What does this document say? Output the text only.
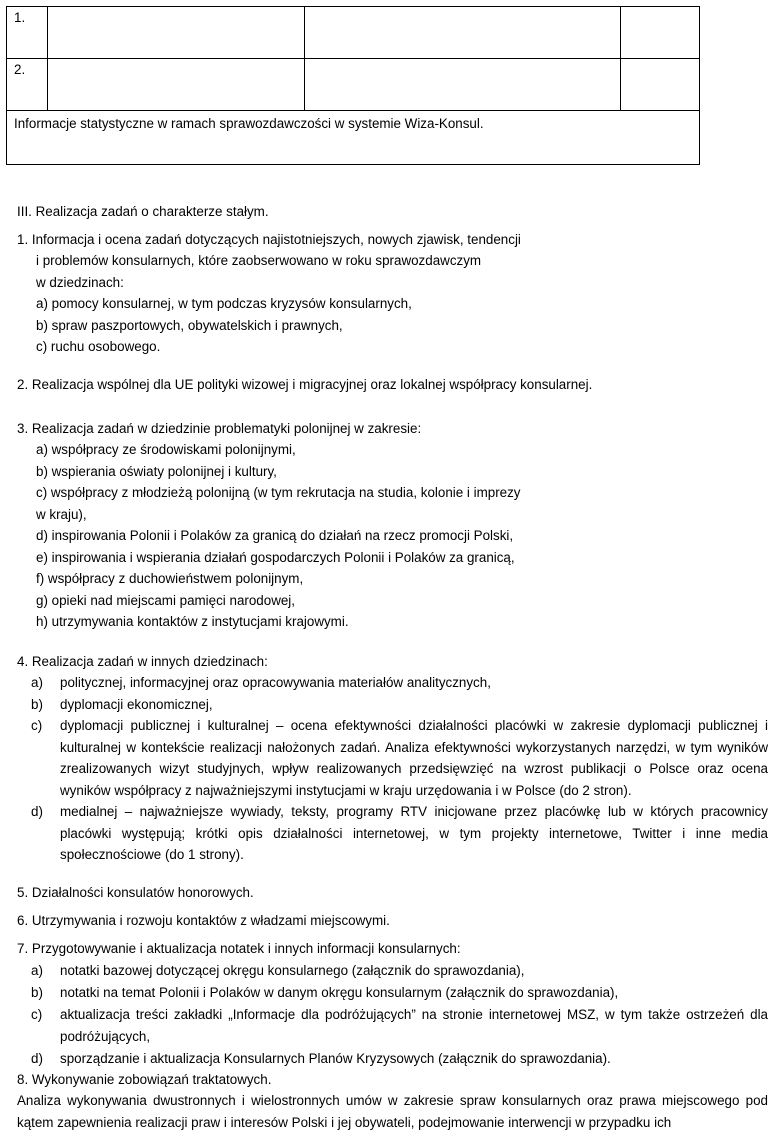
1.			
2.			
Informacje statystyczne w ramach sprawozdawczości w systemie Wiza-Konsul.			
III. Realizacja zadań o charakterze stałym.
1. Informacja i ocena zadań dotyczących najistotniejszych, nowych zjawisk, tendencji
i problemów konsularnych, które zaobserwowano w roku sprawozdawczym
w dziedzinach:
a) pomocy konsularnej, w tym podczas kryzysów konsularnych,
b) spraw paszportowych, obywatelskich i prawnych,
c) ruchu osobowego.
2. Realizacja wspólnej dla UE polityki wizowej i migracyjnej oraz lokalnej współpracy konsularnej.
3. Realizacja zadań w dziedzinie problematyki polonijnej w zakresie:
a) współpracy ze środowiskami polonijnymi,
b) wspierania oświaty polonijnej i kultury,
c) współpracy z młodzieżą polonijną (w tym rekrutacja na studia, kolonie i imprezy
w kraju),
d) inspirowania Polonii i Polaków za granicą do działań na rzecz promocji Polski,
e) inspirowania i wspierania działań gospodarczych Polonii i Polaków za granicą,
f) współpracy z duchowieństwem polonijnym,
g) opieki nad miejscami pamięci narodowej,
h) utrzymywania kontaktów z instytucjami krajowymi.
4. Realizacja zadań w innych dziedzinach:
a) politycznej, informacyjnej oraz opracowywania materiałów analitycznych,
b) dyplomacji ekonomicznej,
c) dyplomacji publicznej i kulturalnej – ocena efektywności działalności placówki w zakresie dyplomacji publicznej i kulturalnej w kontekście realizacji nałożonych zadań. Analiza efektywności wykorzystanych narzędzi, w tym wyników zrealizowanych wizyt studyjnych, wpływ realizowanych przedsięwzięć na wzrost publikacji o Polsce oraz ocena wyników współpracy z najważniejszymi instytucjami w kraju urzędowania i w Polsce (do 2 stron).
d) medialnej – najważniejsze wywiady, teksty, programy RTV inicjowane przez placówkę lub w których pracownicy placówki występują; krótki opis działalności internetowej, w tym projekty internetowe, Twitter i inne media społecznościowe (do 1 strony).
5. Działalności konsulatów honorowych.
6. Utrzymywania i rozwoju kontaktów z władzami miejscowymi.
7. Przygotowywanie i aktualizacja notatek i innych informacji konsularnych:
a) notatki bazowej dotyczącej okręgu konsularnego (załącznik do sprawozdania),
b) notatki na temat Polonii i Polaków w danym okręgu konsularnym (załącznik do sprawozdania),
c) aktualizacja treści zakładki „Informacje dla podróżujących” na stronie internetowej MSZ, w tym także ostrzeżeń dla podróżujących,
d) sporządzanie i aktualizacja Konsularnych Planów Kryzysowych (załącznik do sprawozdania).
8. Wykonywanie zobowiązań traktatowych.
Analiza wykonywania dwustronnych i wielostronnych umów w zakresie spraw konsularnych oraz prawa miejscowego pod kątem zapewnienia realizacji praw i interesów Polski i jej obywateli, podejmowanie interwencji w przypadku ich
